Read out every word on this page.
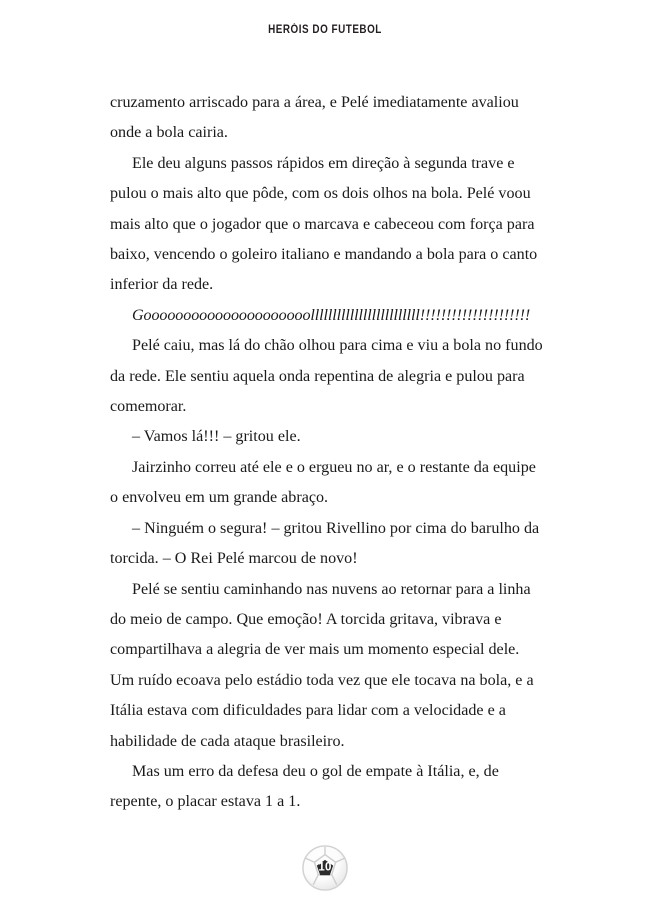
HERÓIS DO FUTEBOL

cruzamento arriscado para a área, e Pelé imediatamente avaliou onde a bola cairia.

Ele deu alguns passos rápidos em direção à segunda trave e pulou o mais alto que pôde, com os dois olhos na bola. Pelé voou mais alto que o jogador que o marcava e cabeceou com força para baixo, vencendo o goleiro italiano e mandando a bola para o canto inferior da rede.

Gooooooooooooooooooooolllllllllllllllllllllllll!!!!!!!!!!!!!!!!!!!!!

Pelé caiu, mas lá do chão olhou para cima e viu a bola no fundo da rede. Ele sentiu aquela onda repentina de alegria e pulou para comemorar.

– Vamos lá!!! – gritou ele.

Jairzinho correu até ele e o ergueu no ar, e o restante da equipe o envolveu em um grande abraço.

– Ninguém o segura! – gritou Rivellino por cima do barulho da torcida. – O Rei Pelé marcou de novo!

Pelé se sentiu caminhando nas nuvens ao retornar para a linha do meio de campo. Que emoção! A torcida gritava, vibrava e compartilhava a alegria de ver mais um momento especial dele. Um ruído ecoava pelo estádio toda vez que ele tocava na bola, e a Itália estava com dificuldades para lidar com a velocidade e a habilidade de cada ataque brasileiro.

Mas um erro da defesa deu o gol de empate à Itália, e, de repente, o placar estava 1 a 1.

10
